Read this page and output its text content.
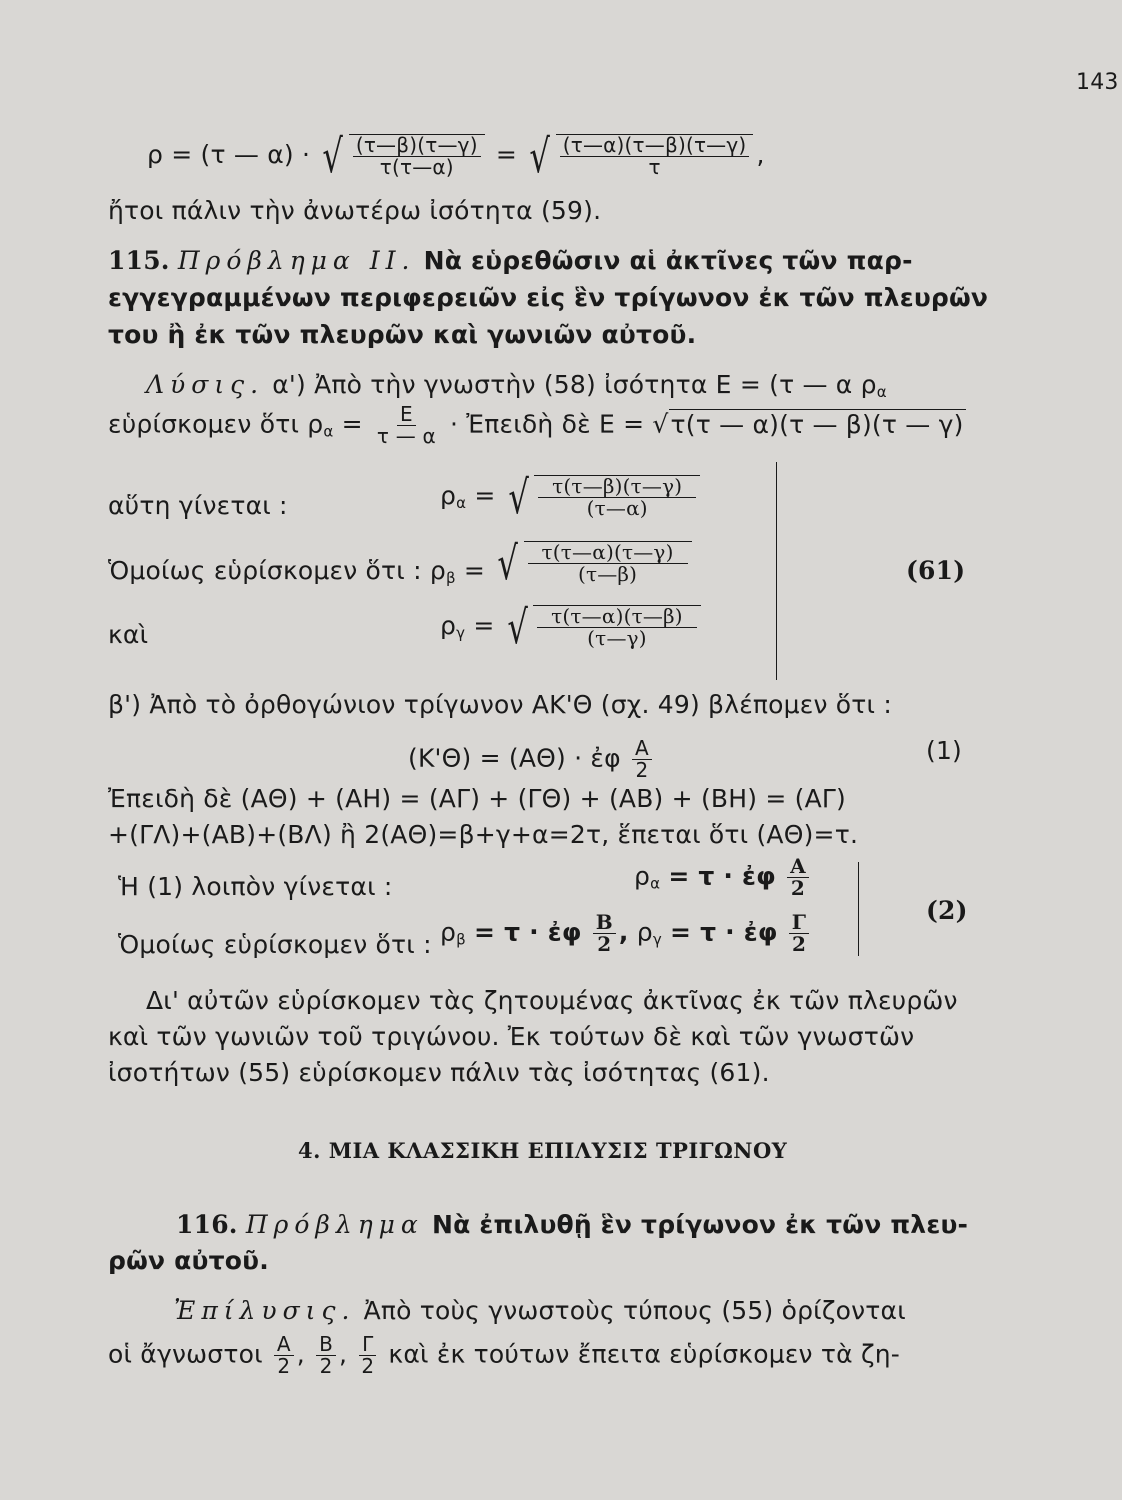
143
ρ = (τ — α) · √ $\frac{(\tau—\beta)(\tau—\gamma)}{\tau(\tau—\alpha)}$ = √ $\frac{(\tau—\alpha)(\tau—\beta)(\tau—\gamma)}{\tau}$ ,
ἤτοι πάλιν τὴν ἀνωτέρω ἰσότητα (59).
115. Πρόβλημα ΙΙ. Νὰ εὑρεθῶσιν αἱ ἀκτῖνες τῶν παρ-
εγγεγραμμένων περιφερειῶν εἰς ἓν τρίγωνον ἐκ τῶν πλευρῶν
του ἢ ἐκ τῶν πλευρῶν καὶ γωνιῶν αὐτοῦ.
Λύσις. α') Ἀπὸ τὴν γνωστὴν (58) ἰσότητα Ε = (τ — α $\rho_\alpha$
εὑρίσκομεν ὅτι $\rho_\alpha = \frac{E}{\tau — \alpha}$ · Ἐπειδὴ δὲ Ε = √τ(τ — α)(τ — β)(τ — γ)
αὕτη γίνεται :	$\rho_\alpha$ = √ $\frac{\tau(\tau—\beta)(\tau—\gamma)}{(\tau—\alpha)}$
Ὁμοίως εὑρίσκομεν ὅτι : $\rho_\beta$ = √ $\frac{\tau(\tau—\alpha)(\tau—\gamma)}{(\tau—\beta)}$
καὶ	$\rho_\gamma$ = √ $\frac{\tau(\tau—\alpha)(\tau—\beta)}{(\tau—\gamma)}$
(61)
β') Ἀπὸ τὸ ὀρθογώνιον τρίγωνον ΑΚ'Θ (σχ. 49) βλέπομεν ὅτι :
(Κ'Θ) = (ΑΘ) · ἐφ $\frac{A}{2}$	(1)
Ἐπειδὴ δὲ (ΑΘ) + (ΑΗ) = (ΑΓ) + (ΓΘ) + (ΑΒ) + (ΒΗ) = (ΑΓ)
+(ΓΛ)+(ΑΒ)+(ΒΛ) ἢ 2(ΑΘ)=β+γ+α=2τ, ἕπεται ὅτι (ΑΘ)=τ.
Ἡ (1) λοιπὸν γίνεται :	$\rho_\alpha = \tau$ · ἐφ $\frac{A}{2}$
Ὁμοίως εὑρίσκομεν ὅτι : $\rho_\beta = \tau$ · ἐφ $\frac{B}{2}$ , $\rho_\gamma = \tau$ · ἐφ $\frac{\Gamma}{2}$
(2)
Δι' αὐτῶν εὑρίσκομεν τὰς ζητουμένας ἀκτῖνας ἐκ τῶν πλευρῶν
καὶ τῶν γωνιῶν τοῦ τριγώνου. Ἐκ τούτων δὲ καὶ τῶν γνωστῶν
ἰσοτήτων (55) εὑρίσκομεν πάλιν τὰς ἰσότητας (61).
4. ΜΙΑ ΚΛΑΣΣΙΚΗ ΕΠΙΛΥΣΙΣ ΤΡΙΓΩΝΟΥ
116. Πρόβλημα Νὰ ἐπιλυθῇ ἓν τρίγωνον ἐκ τῶν πλευ-
ρῶν αὐτοῦ.
Ἐπίλυσις. Ἀπὸ τοὺς γνωστοὺς τύπους (55) ὁρίζονται
οἱ ἄγνωστοι $\frac{A}{2}$ , $\frac{B}{2}$ , $\frac{\Gamma}{2}$ καὶ ἐκ τούτων ἔπειτα εὑρίσκομεν τὰ ζη-
